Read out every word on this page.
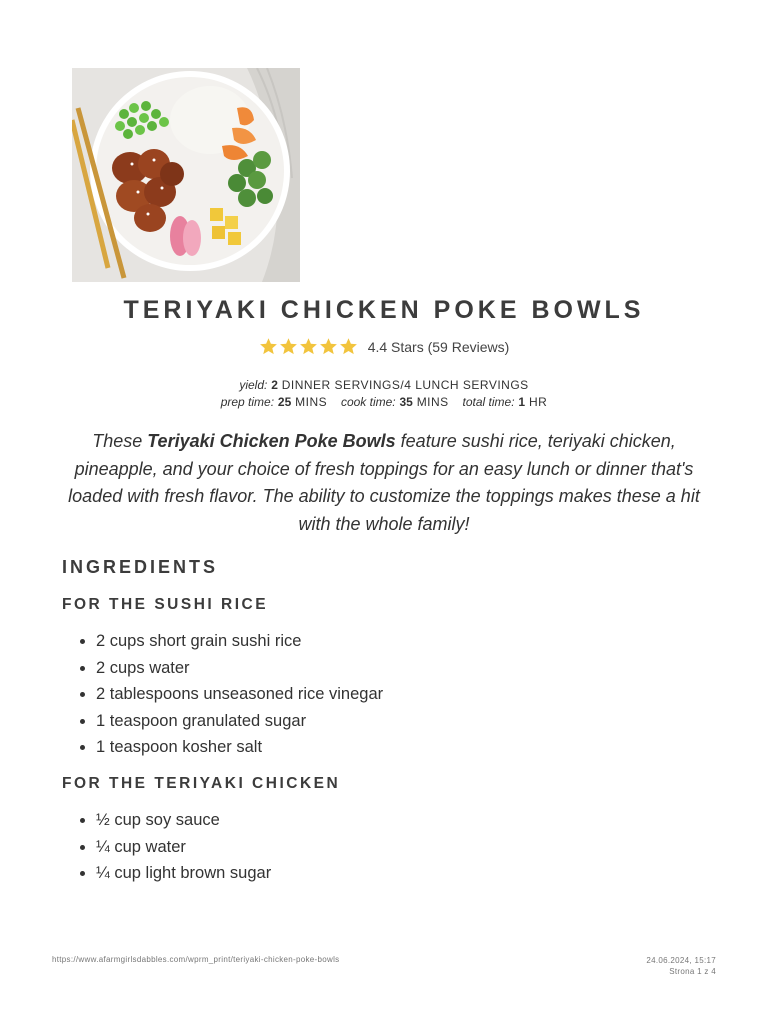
TERIYAKI CHICKEN POKE BOWLS
4.4 Stars (59 Reviews)
yield: 2 DINNER SERVINGS/4 LUNCH SERVINGS
prep time: 25 MINS cook time: 35 MINS total time: 1 HR
These Teriyaki Chicken Poke Bowls feature sushi rice, teriyaki chicken, pineapple, and your choice of fresh toppings for an easy lunch or dinner that's loaded with fresh flavor. The ability to customize the toppings makes these a hit with the whole family!
INGREDIENTS
FOR THE SUSHI RICE
• 2 cups short grain sushi rice
• 2 cups water
• 2 tablespoons unseasoned rice vinegar
• 1 teaspoon granulated sugar
• 1 teaspoon kosher salt
FOR THE TERIYAKI CHICKEN
• ½ cup soy sauce
• ¼ cup water
• ¼ cup light brown sugar
https://www.afarmgirlsdabbles.com/wprm_print/teriyaki-chicken-poke-bowls	24.06.2024, 15:17
Strona 1 z 4
